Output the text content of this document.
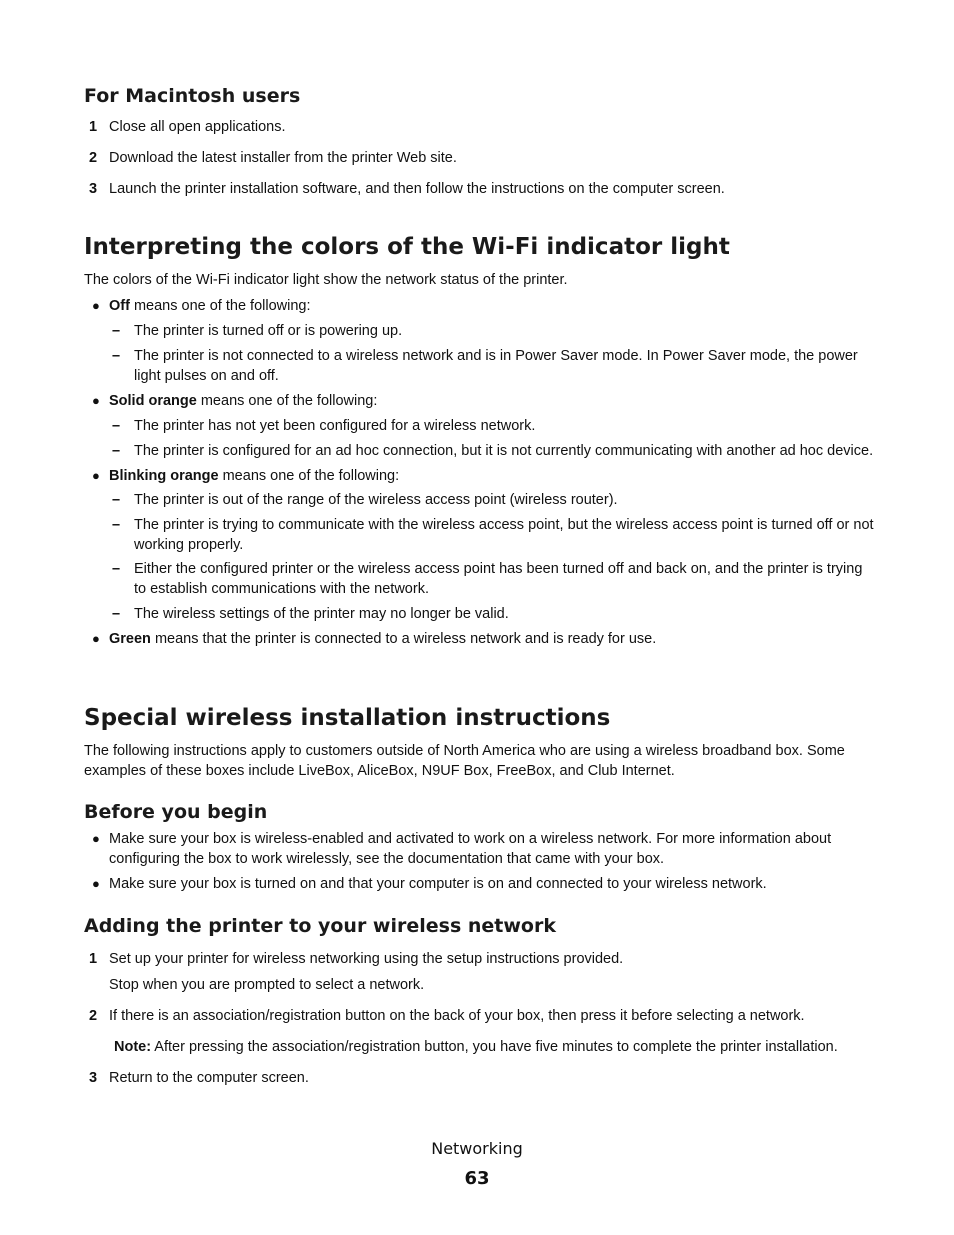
For Macintosh users
1 Close all open applications.
2 Download the latest installer from the printer Web site.
3 Launch the printer installation software, and then follow the instructions on the computer screen.
Interpreting the colors of the Wi-Fi indicator light

The colors of the Wi-Fi indicator light show the network status of the printer.

● Off means one of the following:
– The printer is turned off or is powering up.
– The printer is not connected to a wireless network and is in Power Saver mode. In Power Saver mode, the power light pulses on and off.
● Solid orange means one of the following:
– The printer has not yet been configured for a wireless network.
– The printer is configured for an ad hoc connection, but it is not currently communicating with another ad hoc device.
● Blinking orange means one of the following:
– The printer is out of the range of the wireless access point (wireless router).
– The printer is trying to communicate with the wireless access point, but the wireless access point is turned off or not working properly.
– Either the configured printer or the wireless access point has been turned off and back on, and the printer is trying to establish communications with the network.
– The wireless settings of the printer may no longer be valid.
● Green means that the printer is connected to a wireless network and is ready for use.
Special wireless installation instructions

The following instructions apply to customers outside of North America who are using a wireless broadband box. Some examples of these boxes include LiveBox, AliceBox, N9UF Box, FreeBox, and Club Internet.

Before you begin
● Make sure your box is wireless-enabled and activated to work on a wireless network. For more information about configuring the box to work wirelessly, see the documentation that came with your box.
● Make sure your box is turned on and that your computer is on and connected to your wireless network.
Adding the printer to your wireless network
1 Set up your printer for wireless networking using the setup instructions provided.
Stop when you are prompted to select a network.
2 If there is an association/registration button on the back of your box, then press it before selecting a network.
Note: After pressing the association/registration button, you have five minutes to complete the printer installation.
3 Return to the computer screen.
Networking
63
